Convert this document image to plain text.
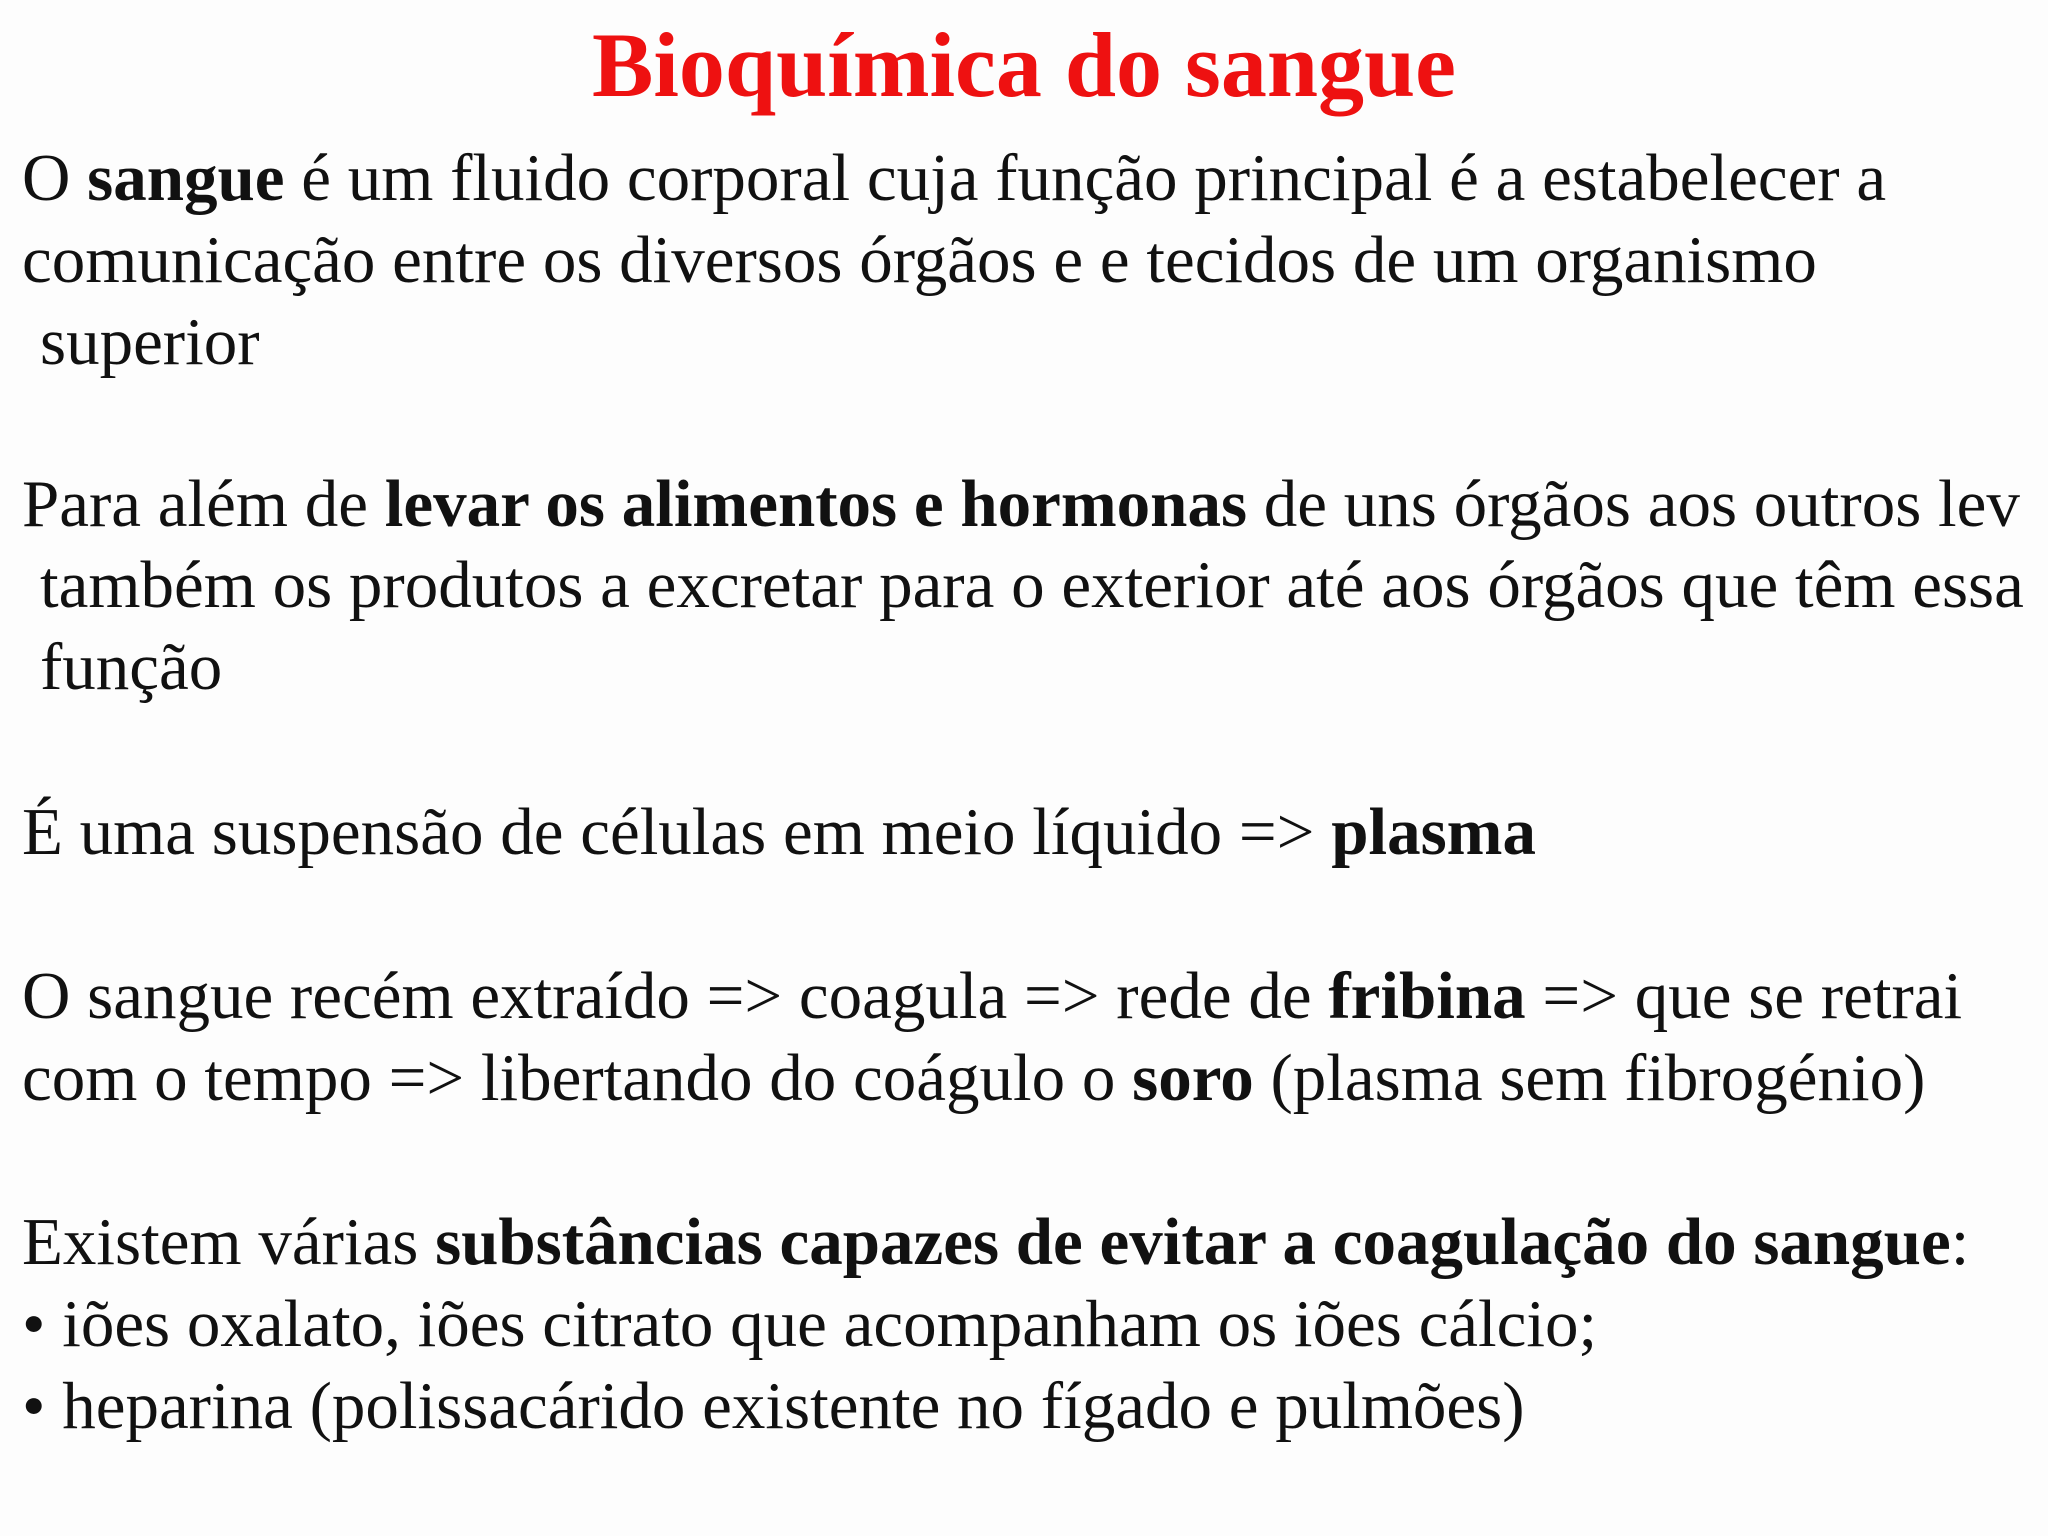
Bioquímica do sangue
O sangue é um fluido corporal cuja função principal é a estabelecer a
comunicação entre os diversos órgãos e e tecidos de um organismo
superior
Para além de levar os alimentos e hormonas de uns órgãos aos outros lev
também os produtos a excretar para o exterior até aos órgãos que têm essa
função
É uma suspensão de células em meio líquido => plasma
O sangue recém extraído => coagula => rede de fribina => que se retrai
com o tempo => libertando do coágulo o soro (plasma sem fibrogénio)
Existem várias substâncias capazes de evitar a coagulação do sangue:
• iões oxalato, iões citrato que acompanham os iões cálcio;
• heparina (polissacárido existente no fígado e pulmões)
